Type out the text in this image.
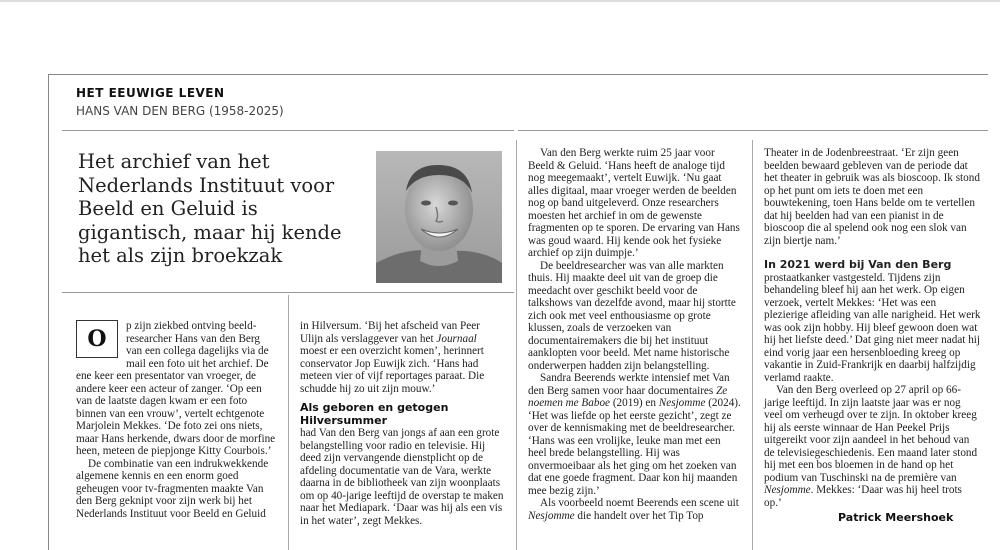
HET EEUWIGE LEVEN
HANS VAN DEN BERG (1958-2025)
Het archief van het Nederlands Instituut voor Beeld en Geluid is gigantisch, maar hij kende het als zijn broekzak

O	p zijn ziekbed ontving beeld-researcher Hans van den Berg van een collega dagelijks via de mail een foto uit het archief. De ene keer een presentator van vroeger, de andere keer een acteur of zanger. ‘Op een van de laatste dagen kwam er een foto binnen van een vrouw’, vertelt echtgenote Marjolein Mekkes. ‘De foto zei ons niets, maar Hans herkende, dwars door de morfine heen, meteen de piepjonge Kitty Courbois.’

De combinatie van een indrukwekkende algemene kennis en een enorm goed geheugen voor tv-fragmenten maakte Van den Berg geknipt voor zijn werk bij het Nederlands Instituut voor Beeld en Geluid

in Hilversum. ‘Bij het afscheid van Peer Ulijn als verslaggever van het Journaal moest er een overzicht komen’, herinnert conservator Jop Euwijk zich. ‘Hans had meteen vier of vijf reportages paraat. Die schudde hij zo uit zijn mouw.’

Als geboren en getogen Hilversummer

had Van den Berg van jongs af aan een grote belangstelling voor radio en televisie. Hij deed zijn vervangende dienstplicht op de afdeling documentatie van de Vara, werkte daarna in de bibliotheek van zijn woonplaats om op 40-jarige leeftijd de overstap te maken naar het Mediapark. ‘Daar was hij als een vis in het water’, zegt Mekkes.

Van den Berg werkte ruim 25 jaar voor Beeld & Geluid. ‘Hans heeft de analoge tijd nog meegemaakt’, vertelt Euwijk. ‘Nu gaat alles digitaal, maar vroeger werden de beelden nog op band uitgeleverd. Onze researchers moesten het archief in om de gewenste fragmenten op te sporen. De ervaring van Hans was goud waard. Hij kende ook het fysieke archief op zijn duimpje.’

De beeldresearcher was van alle markten thuis. Hij maakte deel uit van de groep die meedacht over geschikt beeld voor de talkshows van dezelfde avond, maar hij stortte zich ook met veel enthousiasme op grote klussen, zoals de verzoeken van documentairemakers die bij het instituut aanklopten voor beeld. Met name historische onderwerpen hadden zijn belangstelling.

Sandra Beerends werkte intensief met Van den Berg samen voor haar documentaires Ze noemen me Baboe (2019) en Nesjomme (2024). ‘Het was liefde op het eerste gezicht’, zegt ze over de kennismaking met de beeldresearcher. ‘Hans was een vrolijke, leuke man met een heel brede belangstelling. Hij was onvermoeibaar als het ging om het zoeken van dat ene goede fragment. Daar kon hij maanden mee bezig zijn.’

Als voorbeeld noemt Beerends een scene uit Nesjomme die handelt over het Tip Top

Theater in de Jodenbreestraat. ‘Er zijn geen beelden bewaard gebleven van de periode dat het theater in gebruik was als bioscoop. Ik stond op het punt om iets te doen met een bouwtekening, toen Hans belde om te vertellen dat hij beelden had van een pianist in de bioscoop die al spelend ook nog een slok van zijn biertje nam.’

In 2021 werd bij Van den Berg prostaatkanker vastgesteld. Tijdens zijn behandeling bleef hij aan het werk. Op eigen verzoek, vertelt Mekkes: ‘Het was een plezierige afleiding van alle narigheid. Het werk was ook zijn hobby. Hij bleef gewoon doen wat hij het liefste deed.’ Dat ging niet meer nadat hij eind vorig jaar een hersenbloeding kreeg op vakantie in Zuid-Frankrijk en daarbij halfzijdig verlamd raakte.

Van den Berg overleed op 27 april op 66-jarige leeftijd. In zijn laatste jaar was er nog veel om verheugd over te zijn. In oktober kreeg hij als eerste winnaar de Han Peekel Prijs uitgereikt voor zijn aandeel in het behoud van de televisiegeschiedenis. Een maand later stond hij met een bos bloemen in de hand op het podium van Tuschinski na de première van Nesjomme. Mekkes: ‘Daar was hij heel trots op.’

Patrick Meershoek
